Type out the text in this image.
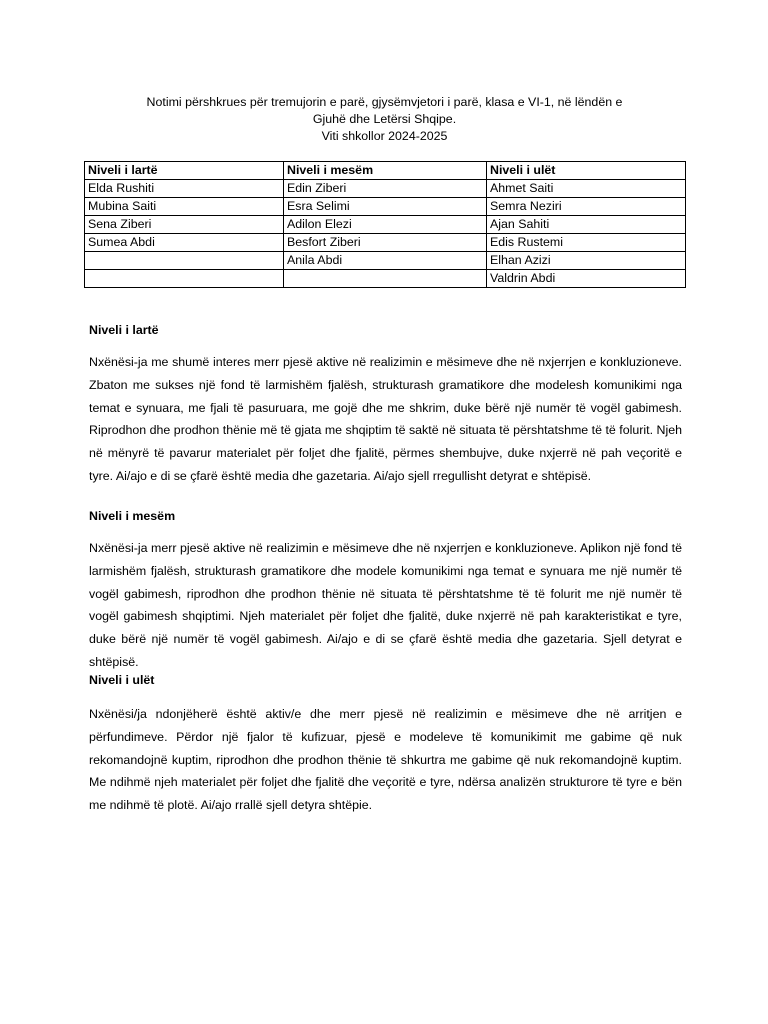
Notimi përshkrues për tremujorin e parë, gjysëmvjetori i parë, klasa e VI-1, në lëndën e
Gjuhë dhe Letërsi Shqipe.
Viti shkollor 2024-2025
Niveli i lartë	Niveli i mesëm	Niveli i ulët
Elda Rushiti	Edin Ziberi	Ahmet Saiti
Mubina Saiti	Esra Selimi	Semra Neziri
Sena Ziberi	Adilon Elezi	Ajan Sahiti
Sumea Abdi	Besfort Ziberi	Edis Rustemi
	Anila Abdi	Elhan Azizi
		Valdrin Abdi
Niveli i lartë
Nxënësi-ja me shumë interes merr pjesë aktive në realizimin e mësimeve dhe në nxjerrjen e konkluzioneve. Zbaton me sukses një fond të larmishëm fjalësh, strukturash gramatikore dhe modelesh komunikimi nga temat e synuara, me fjali të pasuruara, me gojë dhe me shkrim, duke bërë një numër të vogël gabimesh. Riprodhon dhe prodhon thënie më të gjata me shqiptim të saktë në situata të përshtatshme të të folurit. Njeh në mënyrë të pavarur materialet për foljet dhe fjalitë, përmes shembujve, duke nxjerrë në pah veçoritë e tyre. Ai/ajo e di se çfarë është media dhe gazetaria. Ai/ajo sjell rregullisht detyrat e shtëpisë.
Niveli i mesëm
Nxënësi-ja merr pjesë aktive në realizimin e mësimeve dhe në nxjerrjen e konkluzioneve. Aplikon një fond të larmishëm fjalësh, strukturash gramatikore dhe modele komunikimi nga temat e synuara me një numër të vogël gabimesh, riprodhon dhe prodhon thënie në situata të përshtatshme të të folurit me një numër të vogël gabimesh shqiptimi. Njeh materialet për foljet dhe fjalitë, duke nxjerrë në pah karakteristikat e tyre, duke bërë një numër të vogël gabimesh. Ai/ajo e di se çfarë është media dhe gazetaria. Sjell detyrat e shtëpisë.
Niveli i ulët
Nxënësi/ja ndonjëherë është aktiv/e dhe merr pjesë në realizimin e mësimeve dhe në arritjen e përfundimeve. Përdor një fjalor të kufizuar, pjesë e modeleve të komunikimit me gabime që nuk rekomandojnë kuptim, riprodhon dhe prodhon thënie të shkurtra me gabime që nuk rekomandojnë kuptim. Me ndihmë njeh materialet për foljet dhe fjalitë dhe veçoritë e tyre, ndërsa analizën strukturore të tyre e bën me ndihmë të plotë. Ai/ajo rrallë sjell detyra shtëpie.
